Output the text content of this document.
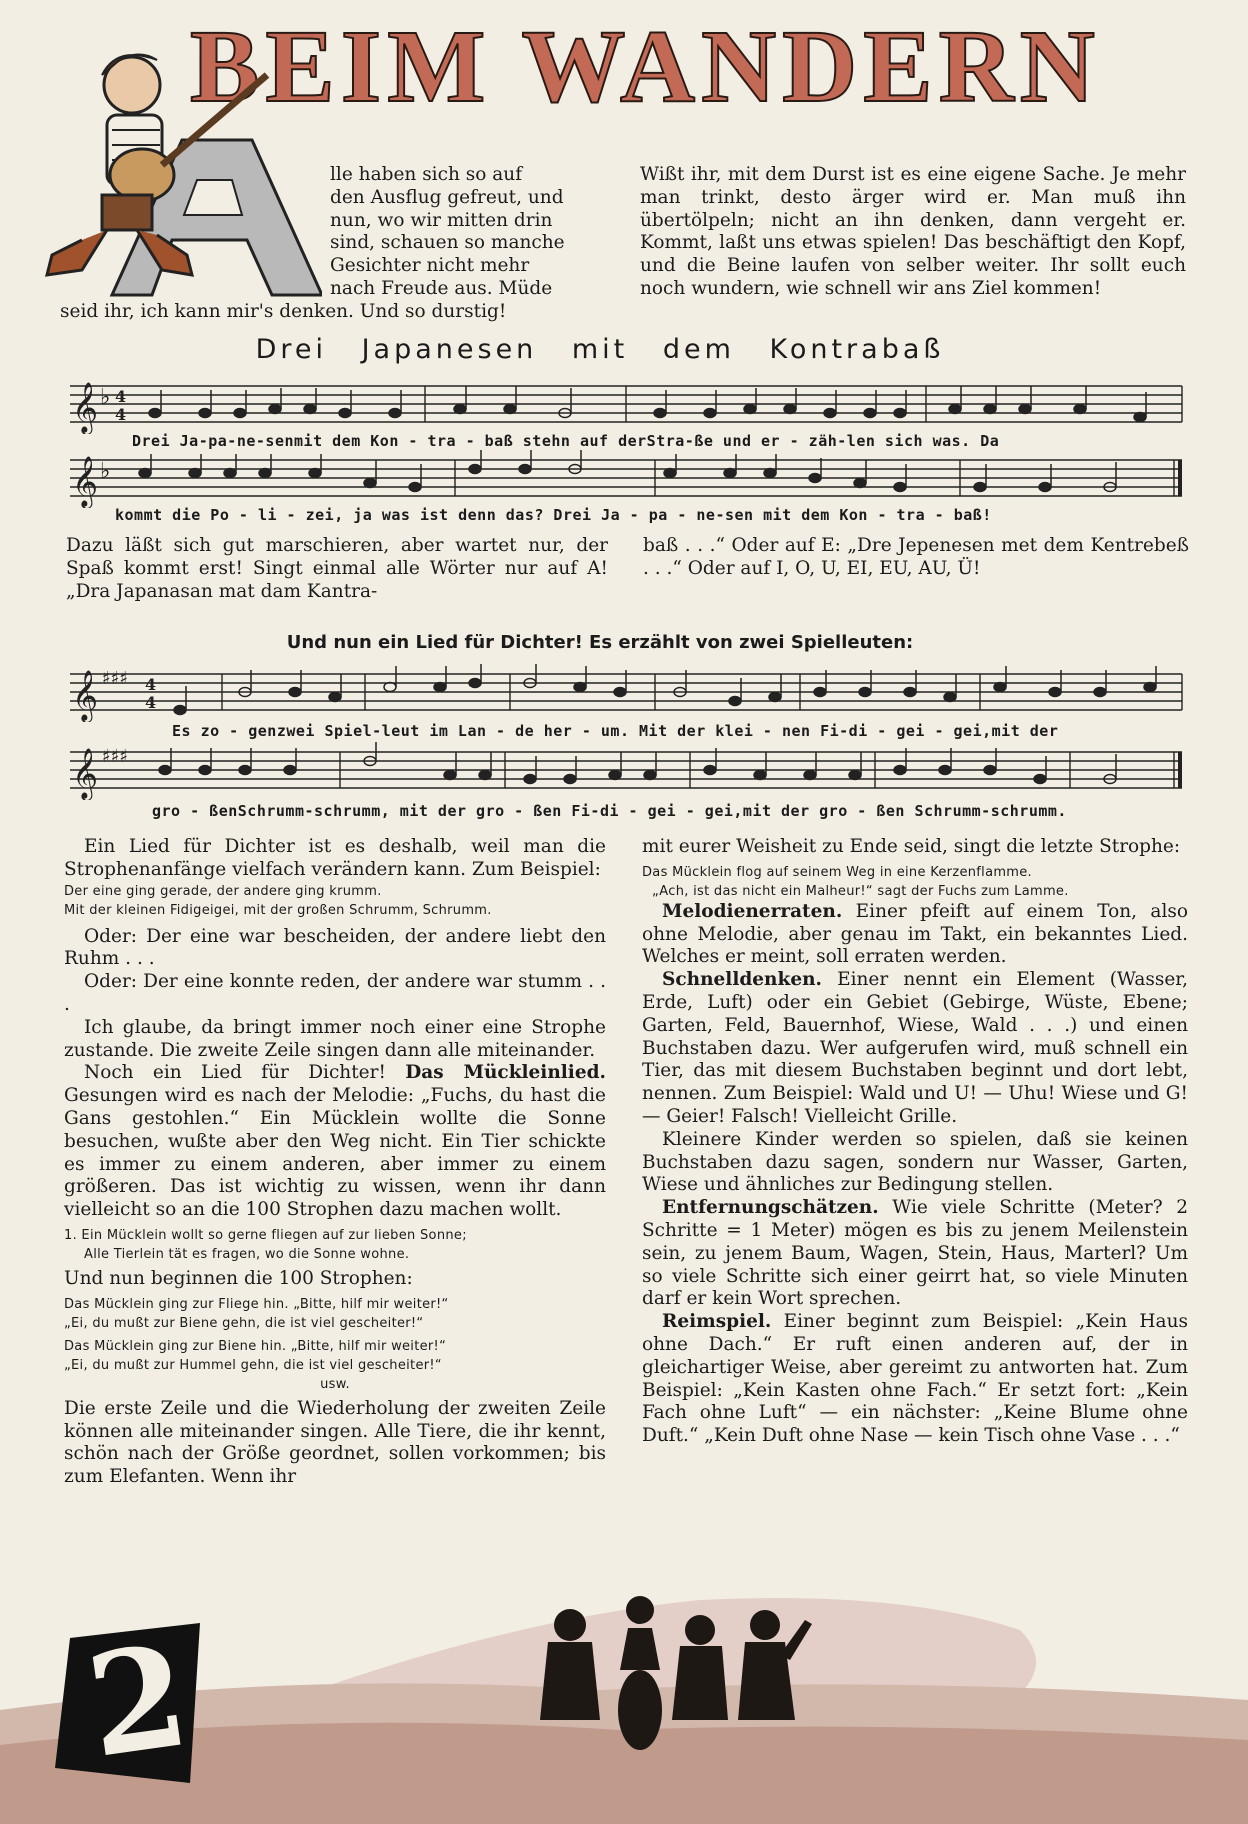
BEIM WANDERN

lle haben sich so auf

den Ausflug gefreut, und

nun, wo wir mitten drin

sind, schauen so manche

Gesichter nicht mehr

nach Freude aus. Müde

seid ihr, ich kann mir's denken. Und so durstig!

Wißt ihr, mit dem Durst ist es eine eigene Sache. Je mehr man trinkt, desto ärger wird er. Man muß ihn übertölpeln; nicht an ihn denken, dann vergeht er. Kommt, laßt uns etwas spielen! Das beschäftigt den Kopf, und die Beine laufen von selber weiter. Ihr sollt euch noch wundern, wie schnell wir ans Ziel kommen!
Drei Japanesen mit dem Kontrabaß
𝄞 ♭ 4
4
Drei Ja-pa-ne-senmit dem Kon - tra - baß stehn auf derStra-ße und er - zäh-len sich was. Da
𝄞 ♭
kommt die Po - li - zei, ja was ist denn das? Drei Ja - pa - ne-sen mit dem Kon - tra - baß!
Dazu läßt sich gut marschieren, aber wartet nur, der Spaß kommt erst! Singt einmal alle Wörter nur auf A! „Dra Japanasan mat dam Kantra-
baß . . .“ Oder auf E: „Dre Jepenesen met dem Kentrebeß . . .“ Oder auf I, O, U, EI, EU, AU, Ü!
Und nun ein Lied für Dichter! Es erzählt von zwei Spielleuten:
𝄞 ♯♯♯ 4
4
Es zo - genzwei Spiel-leut im Lan - de her - um. Mit der klei - nen Fi-di - gei - gei,mit der
𝄞 ♯♯♯
gro - ßenSchrumm-schrumm, mit der gro - ßen Fi-di - gei - gei,mit der gro - ßen Schrumm-schrumm.

Ein Lied für Dichter ist es deshalb, weil man die Strophenanfänge vielfach verändern kann. Zum Beispiel:

Der eine ging gerade, der andere ging krumm.

Mit der kleinen Fidigeigei, mit der großen Schrumm, Schrumm.

Oder: Der eine war bescheiden, der andere liebt den Ruhm . . .

Oder: Der eine konnte reden, der andere war stumm . . .

Ich glaube, da bringt immer noch einer eine Strophe zustande. Die zweite Zeile singen dann alle miteinander.

Noch ein Lied für Dichter! Das Mückleinlied. Gesungen wird es nach der Melodie: „Fuchs, du hast die Gans gestohlen.“ Ein Mücklein wollte die Sonne besuchen, wußte aber den Weg nicht. Ein Tier schickte es immer zu einem anderen, aber immer zu einem größeren. Das ist wichtig zu wissen, wenn ihr dann vielleicht so an die 100 Strophen dazu machen wollt.

1. Ein Mücklein wollt so gerne fliegen auf zur lieben Sonne;

Alle Tierlein tät es fragen, wo die Sonne wohne.

Und nun beginnen die 100 Strophen:

Das Mücklein ging zur Fliege hin. „Bitte, hilf mir weiter!“

„Ei, du mußt zur Biene gehn, die ist viel gescheiter!“

Das Mücklein ging zur Biene hin. „Bitte, hilf mir weiter!“

„Ei, du mußt zur Hummel gehn, die ist viel gescheiter!“

usw.

Die erste Zeile und die Wiederholung der zweiten Zeile können alle miteinander singen. Alle Tiere, die ihr kennt, schön nach der Größe geordnet, sollen vorkommen; bis zum Elefanten. Wenn ihr

mit eurer Weisheit zu Ende seid, singt die letzte Strophe:

Das Mücklein flog auf seinem Weg in eine Kerzenflamme.

„Ach, ist das nicht ein Malheur!“ sagt der Fuchs zum Lamme.

Melodienerraten. Einer pfeift auf einem Ton, also ohne Melodie, aber genau im Takt, ein bekanntes Lied. Welches er meint, soll erraten werden.

Schnelldenken. Einer nennt ein Element (Wasser, Erde, Luft) oder ein Gebiet (Gebirge, Wüste, Ebene; Garten, Feld, Bauernhof, Wiese, Wald . . .) und einen Buchstaben dazu. Wer aufgerufen wird, muß schnell ein Tier, das mit diesem Buchstaben beginnt und dort lebt, nennen. Zum Beispiel: Wald und U! — Uhu! Wiese und G! — Geier! Falsch! Vielleicht Grille.

Kleinere Kinder werden so spielen, daß sie keinen Buchstaben dazu sagen, sondern nur Wasser, Garten, Wiese und ähnliches zur Bedingung stellen.

Entfernungschätzen. Wie viele Schritte (Meter? 2 Schritte = 1 Meter) mögen es bis zu jenem Meilenstein sein, zu jenem Baum, Wagen, Stein, Haus, Marterl? Um so viele Schritte sich einer geirrt hat, so viele Minuten darf er kein Wort sprechen.

Reimspiel. Einer beginnt zum Beispiel: „Kein Haus ohne Dach.“ Er ruft einen anderen auf, der in gleichartiger Weise, aber gereimt zu antworten hat. Zum Beispiel: „Kein Kasten ohne Fach.“ Er setzt fort: „Kein Fach ohne Luft“ — ein nächster: „Keine Blume ohne Duft.“ „Kein Duft ohne Nase — kein Tisch ohne Vase . . .“

2
